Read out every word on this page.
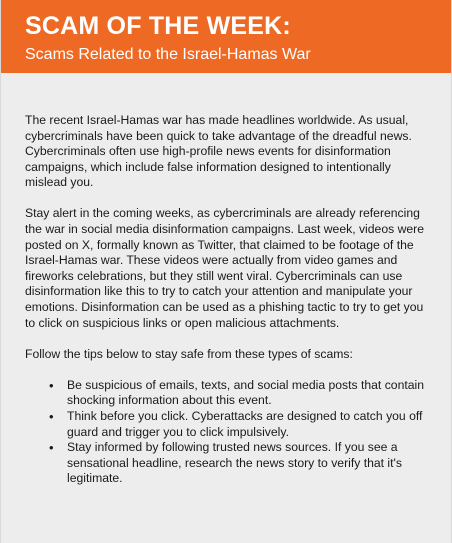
SCAM OF THE WEEK:
Scams Related to the Israel-Hamas War

The recent Israel-Hamas war has made headlines worldwide. As usual, cybercriminals have been quick to take advantage of the dreadful news. Cybercriminals often use high-profile news events for disinformation campaigns, which include false information designed to intentionally mislead you.

Stay alert in the coming weeks, as cybercriminals are already referencing the war in social media disinformation campaigns. Last week, videos were posted on X, formally known as Twitter, that claimed to be footage of the Israel-Hamas war. These videos were actually from video games and fireworks celebrations, but they still went viral. Cybercriminals can use disinformation like this to try to catch your attention and manipulate your emotions. Disinformation can be used as a phishing tactic to try to get you to click on suspicious links or open malicious attachments.

Follow the tips below to stay safe from these types of scams:

• Be suspicious of emails, texts, and social media posts that contain shocking information about this event.
• Think before you click. Cyberattacks are designed to catch you off guard and trigger you to click impulsively.
• Stay informed by following trusted news sources. If you see a sensational headline, research the news story to verify that it's legitimate.
